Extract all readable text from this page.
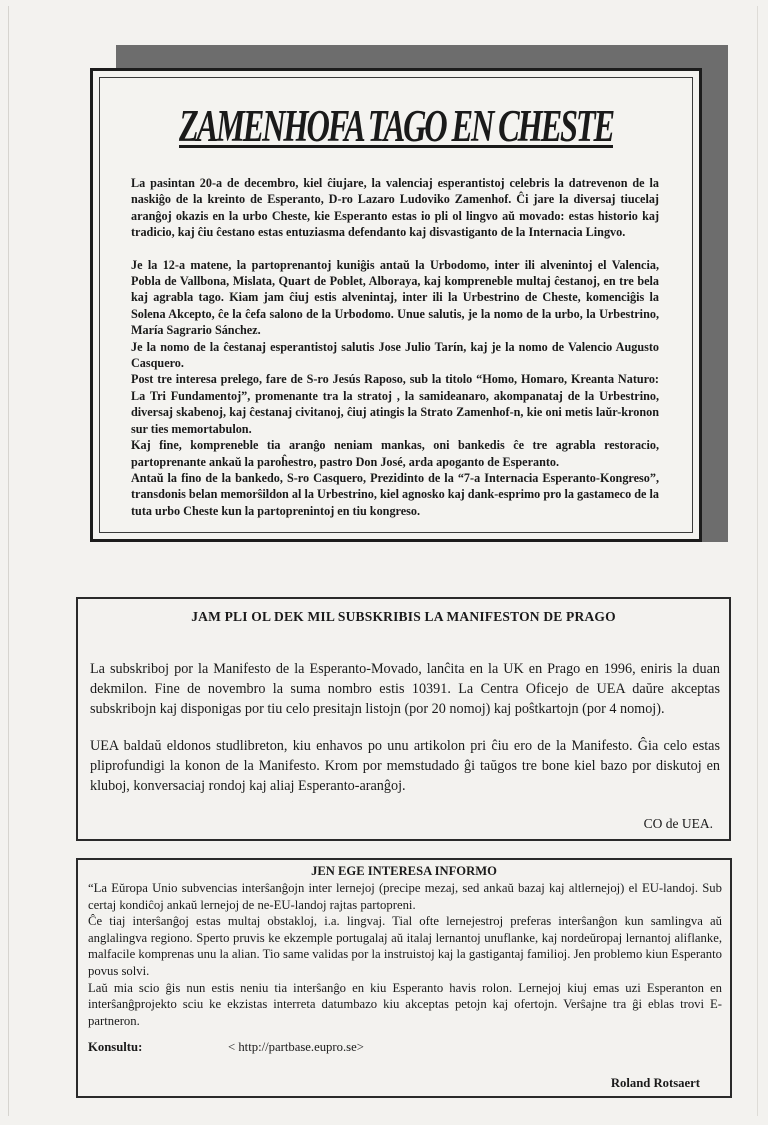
ZAMENHOFA TAGO EN CHESTE

La pasintan 20-a de decembro, kiel ĉiujare, la valenciaj esperantistoj celebris la datrevenon de la naskiĝo de la kreinto de Esperanto, D-ro Lazaro Ludoviko Zamenhof. Ĉi jare la diversaj tiucelaj aranĝoj okazis en la urbo Cheste, kie Esperanto estas io pli ol lingvo aŭ movado: estas historio kaj tradicio, kaj ĉiu ĉestano estas entuziasma defendanto kaj disvastiganto de la Internacia Lingvo.

Je la 12-a matene, la partoprenantoj kuniĝis antaŭ la Urbodomo, inter ili alvenintoj el Valencia, Pobla de Vallbona, Mislata, Quart de Poblet, Alboraya, kaj kompreneble multaj ĉestanoj, en tre bela kaj agrabla tago. Kiam jam ĉiuj estis alvenintaj, inter ili la Urbestrino de Cheste, komenciĝis la Solena Akcepto, ĉe la ĉefa salono de la Urbodomo. Unue salutis, je la nomo de la urbo, la Urbestrino, María Sagrario Sánchez.

Je la nomo de la ĉestanaj esperantistoj salutis Jose Julio Tarín, kaj je la nomo de Valencio Augusto Casquero.

Post tre interesa prelego, fare de S-ro Jesús Raposo, sub la titolo “Homo, Homaro, Kreanta Naturo: La Tri Fundamentoj”, promenante tra la stratoj , la samideanaro, akompanataj de la Urbestrino, diversaj skabenoj, kaj ĉestanaj civitanoj, ĉiuj atingis la Strato Zamenhof-n, kie oni metis laŭr-kronon sur ties memortabulon.

Kaj fine, kompreneble tia aranĝo neniam mankas, oni bankedis ĉe tre agrabla restoracio, partoprenante ankaŭ la paroĥestro, pastro Don José, arda apoganto de Esperanto.

Antaŭ la fino de la bankedo, S-ro Casquero, Prezidinto de la “7-a Internacia Esperanto-Kongreso”, transdonis belan memorŝildon al la Urbestrino, kiel agnosko kaj dank-esprimo pro la gastameco de la tuta urbo Cheste kun la partoprenintoj en tiu kongreso.

JAM PLI OL DEK MIL SUBSKRIBIS LA MANIFESTON DE PRAGO

La subskriboj por la Manifesto de la Esperanto-Movado, lanĉita en la UK en Prago en 1996, eniris la duan dekmilon. Fine de novembro la suma nombro estis 10391. La Centra Oficejo de UEA daŭre akceptas subskribojn kaj disponigas por tiu celo presitajn listojn (por 20 nomoj) kaj poŝtkartojn (por 4 nomoj).

UEA baldaŭ eldonos studlibreton, kiu enhavos po unu artikolon pri ĉiu ero de la Manifesto. Ĝia celo estas pliprofundigi la konon de la Manifesto. Krom por memstudado ĝi taŭgos tre bone kiel bazo por diskutoj en kluboj, konversaciaj rondoj kaj aliaj Esperanto-aranĝoj.

CO de UEA.
JEN EGE INTERESA INFORMO

“La Eŭropa Unio subvencias interŝanĝojn inter lernejoj (precipe mezaj, sed ankaŭ bazaj kaj altlernejoj) el EU-landoj. Sub certaj kondiĉoj ankaŭ lernejoj de ne-EU-landoj rajtas partopreni.

Ĉe tiaj interŝanĝoj estas multaj obstakloj, i.a. lingvaj. Tial ofte lernejestroj preferas interŝanĝon kun samlingva aŭ anglalingva regiono. Sperto pruvis ke ekzemple portugalaj aŭ italaj lernantoj unuflanke, kaj nordeŭropaj lernantoj aliflanke, malfacile komprenas unu la alian. Tio same validas por la instruistoj kaj la gastigantaj familioj. Jen problemo kiun Esperanto povus solvi.

Laŭ mia scio ĝis nun estis neniu tia interŝanĝo en kiu Esperanto havis rolon. Lernejoj kiuj emas uzi Esperanton en interŝanĝprojekto sciu ke ekzistas interreta datumbazo kiu akceptas petojn kaj ofertojn. Verŝajne tra ĝi eblas trovi E-partneron.

Konsultu:	< http://partbase.eupro.se>
Roland Rotsaert
